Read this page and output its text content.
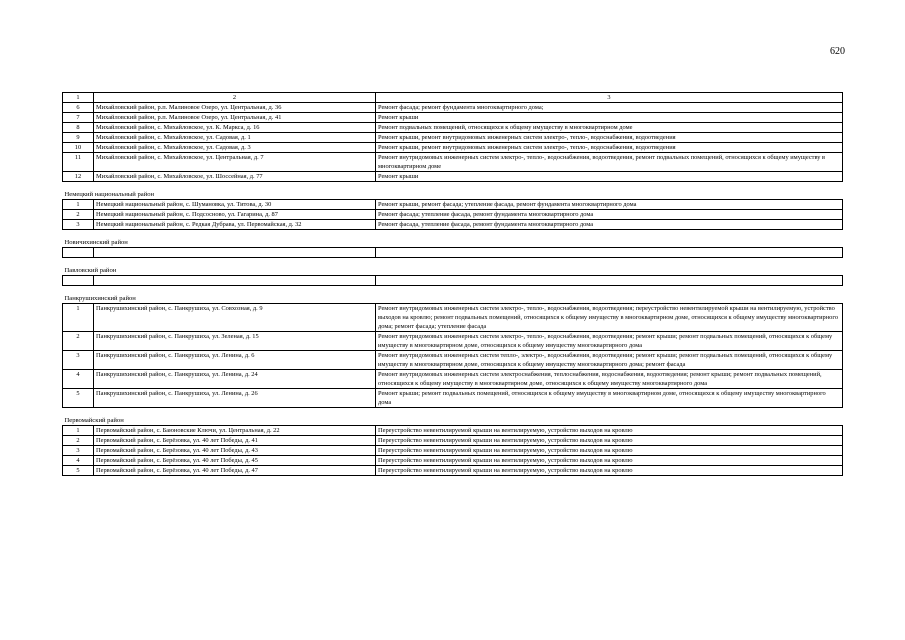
620
1	2	3
6	Михайловский район, р.п. Малиновое Озеро, ул. Центральная, д. 36	Ремонт фасада; ремонт фундамента многоквартирного дома;
7	Михайловский район, р.п. Малиновое Озеро, ул. Центральная, д. 41	Ремонт крыши
8	Михайловский район, с. Михайловское, ул. К. Маркса, д. 16	Ремонт подвальных помещений, относящихся к общему имуществу в многоквартирном доме
9	Михайловский район, с. Михайловское, ул. Садовая, д. 1	Ремонт крыши, ремонт внутридомовых инженерных систем электро-, тепло-, водоснабжения, водоотведения
10	Михайловский район, с. Михайловское, ул. Садовая, д. 3	Ремонт крыши, ремонт внутридомовых инженерных систем электро-, тепло-, водоснабжения, водоотведения
11	Михайловский район, с. Михайловское, ул. Центральная, д. 7	Ремонт внутридомовых инженерных систем электро-, тепло-, водоснабжения, водоотведения, ремонт подвальных помещений, относящихся к общему имуществу в многоквартирном доме
12	Михайловский район, с. Михайловское, ул. Шоссейная, д. 77	Ремонт крыши
Немецкий национальный район		
1	Немецкий национальный район, с. Шумановка, ул. Титова, д. 30	Ремонт крыши, ремонт фасада; утепление фасада, ремонт фундамента многоквартирного дома
2	Немецкий национальный район, с. Подсосново, ул. Гагарина, д. 87	Ремонт фасада; утепление фасада, ремонт фундамента многоквартирного дома
3	Немецкий национальный район, с. Редкая Дубрава, ул. Первомайская, д. 32	Ремонт фасада, утепление фасада, ремонт фундамента многоквартирного дома
Новичихинский район		

Павловский район		

Панкрушихинский район		
1	Панкрушихинский район, с. Панкрушиха, ул. Совхозная, д. 9	Ремонт внутридомовых инженерных систем электро-, тепло-, водоснабжения, водоотведения; переустройство невентилируемой крыши на вентилируемую, устройство выходов на кровлю; ремонт подвальных помещений, относящихся к общему имуществу в многоквартирном доме, относящихся к общему имуществу многоквартирного дома; ремонт фасада; утепление фасада
2	Панкрушихинский район, с. Панкрушиха, ул. Зеленая, д. 15	Ремонт внутридомовых инженерных систем электро-, тепло-, водоснабжения, водоотведения; ремонт крыши; ремонт подвальных помещений, относящихся к общему имуществу в многоквартирном доме, относящихся к общему имуществу многоквартирного дома
3	Панкрушихинский район, с. Панкрушиха, ул. Ленина, д. 6	Ремонт внутридомовых инженерных систем тепло-, электро-, водоснабжения, водоотведения; ремонт крыши; ремонт подвальных помещений, относящихся к общему имуществу в многоквартирном доме, относящихся к общему имуществу многоквартирного дома; ремонт фасада
4	Панкрушихинский район, с. Панкрушиха, ул. Ленина, д. 24	Ремонт внутридомовых инженерных систем электроснабжения, теплоснабжения, водоснабжения, водоотведения; ремонт крыши; ремонт подвальных помещений, относящихся к общему имуществу в многоквартирном доме, относящихся к общему имуществу многоквартирного дома
5	Панкрушихинский район, с. Панкрушиха, ул. Ленина, д. 26	Ремонт крыши; ремонт подвальных помещений, относящихся к общему имуществу в многоквартирном доме, относящихся к общему имуществу многоквартирного дома
Первомайский район		
1	Первомайский район, с. Баюновские Ключи, ул. Центральная, д. 22	Переустройство невентилируемой крыши на вентилируемую, устройство выходов на кровлю
2	Первомайский район, с. Берёзовка, ул. 40 лет Победы, д. 41	Переустройство невентилируемой крыши на вентилируемую, устройство выходов на кровлю
3	Первомайский район, с. Берёзовка, ул. 40 лет Победы, д. 43	Переустройство невентилируемой крыши на вентилируемую, устройство выходов на кровлю
4	Первомайский район, с. Берёзовка, ул. 40 лет Победы, д. 45	Переустройство невентилируемой крыши на вентилируемую, устройство выходов на кровлю
5	Первомайский район, с. Берёзовка, ул. 40 лет Победы, д. 47	Переустройство невентилируемой крыши на вентилируемую, устройство выходов на кровлю
